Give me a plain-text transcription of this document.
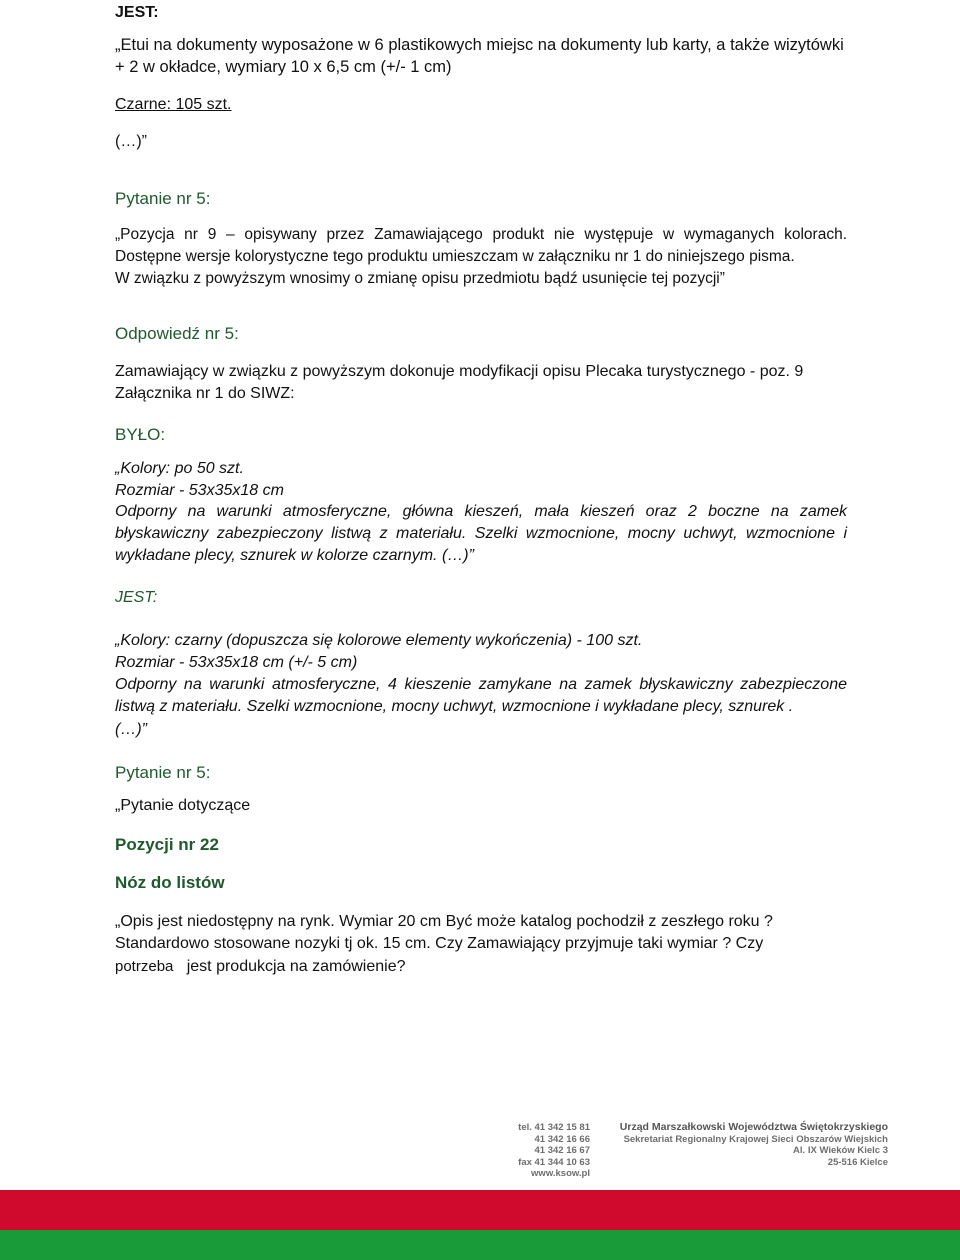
JEST:
„Etui na dokumenty wyposażone w 6 plastikowych miejsc na dokumenty lub karty, a także wizytówki + 2 w okładce, wymiary 10 x 6,5 cm (+/- 1 cm)
Czarne: 105 szt.
(…)”
Pytanie nr 5:
„Pozycja nr 9 – opisywany przez Zamawiającego produkt nie występuje w wymaganych kolorach. Dostępne wersje kolorystyczne tego produktu umieszczam w załączniku nr 1 do niniejszego pisma.
W związku z powyższym wnosimy o zmianę opisu przedmiotu bądź usunięcie tej pozycji”
Odpowiedź nr 5:
Zamawiający w związku z powyższym dokonuje modyfikacji opisu Plecaka turystycznego - poz. 9 Załącznika nr 1 do SIWZ:
BYŁO:
„Kolory: po 50 szt.
Rozmiar - 53x35x18 cm
Odporny na warunki atmosferyczne, główna kieszeń, mała kieszeń oraz 2 boczne na zamek błyskawiczny zabezpieczony listwą z materiału. Szelki wzmocnione, mocny uchwyt, wzmocnione i wykładane plecy, sznurek w kolorze czarnym. (…)”
JEST:
„Kolory: czarny (dopuszcza się kolorowe elementy wykończenia) - 100 szt.
Rozmiar - 53x35x18 cm (+/- 5 cm)
Odporny na warunki atmosferyczne, 4 kieszenie zamykane na zamek błyskawiczny zabezpieczone listwą z materiału. Szelki wzmocnione, mocny uchwyt, wzmocnione i wykładane plecy, sznurek .
(…)”
Pytanie nr 5:
„Pytanie dotyczące
Pozycji nr 22
Nóz do listów
„Opis jest niedostępny na rynk. Wymiar 20 cm Być może katalog pochodził z zeszłego roku ?
Standardowo stosowane nozyki tj ok. 15 cm. Czy Zamawiający przyjmuje taki wymiar ? Czy
potrzeba jest produkcja na zamówienie?
tel. 41 342 15 81
41 342 16 66
41 342 16 67
fax 41 344 10 63
www.ksow.pl
Urząd Marszałkowski Województwa Świętokrzyskiego
Sekretariat Regionalny Krajowej Sieci Obszarów Wiejskich
Al. IX Wieków Kielc 3
25-516 Kielce
